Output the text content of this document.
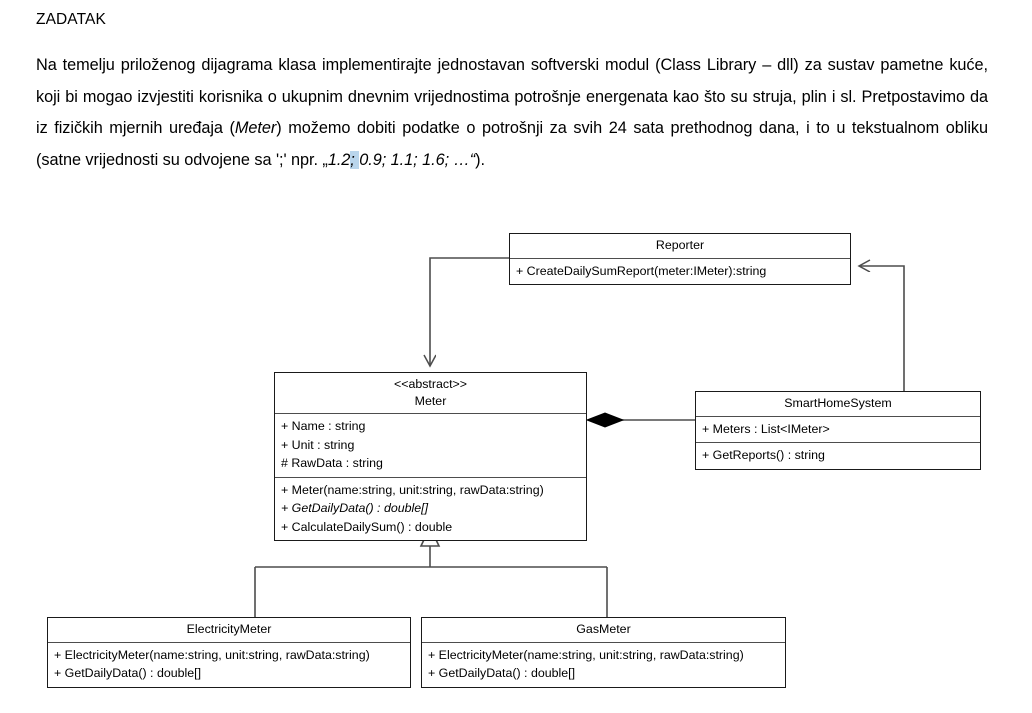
ZADATAK
Na temelju priloženog dijagrama klasa implementirajte jednostavan softverski modul (Class Library – dll) za sustav pametne kuće, koji bi mogao izvjestiti korisnika o ukupnim dnevnim vrijednostima potrošnje energenata kao što su struja, plin i sl. Pretpostavimo da iz fizičkih mjernih uređaja (Meter) možemo dobiti podatke o potrošnji za svih 24 sata prethodnog dana, i to u tekstualnom obliku (satne vrijednosti su odvojene sa ';' npr. „1.2; 0.9; 1.1; 1.6; …“).
Reporter
+ CreateDailySumReport(meter:IMeter):string
<<abstract>>
Meter
+ Name : string
+ Unit : string
# RawData : string
+ Meter(name:string, unit:string, rawData:string)
+ GetDailyData() : double[]
+ CalculateDailySum() : double
SmartHomeSystem
+ Meters : List<IMeter>
+ GetReports() : string
ElectricityMeter
+ ElectricityMeter(name:string, unit:string, rawData:string)
+ GetDailyData() : double[]
GasMeter
+ ElectricityMeter(name:string, unit:string, rawData:string)
+ GetDailyData() : double[]
